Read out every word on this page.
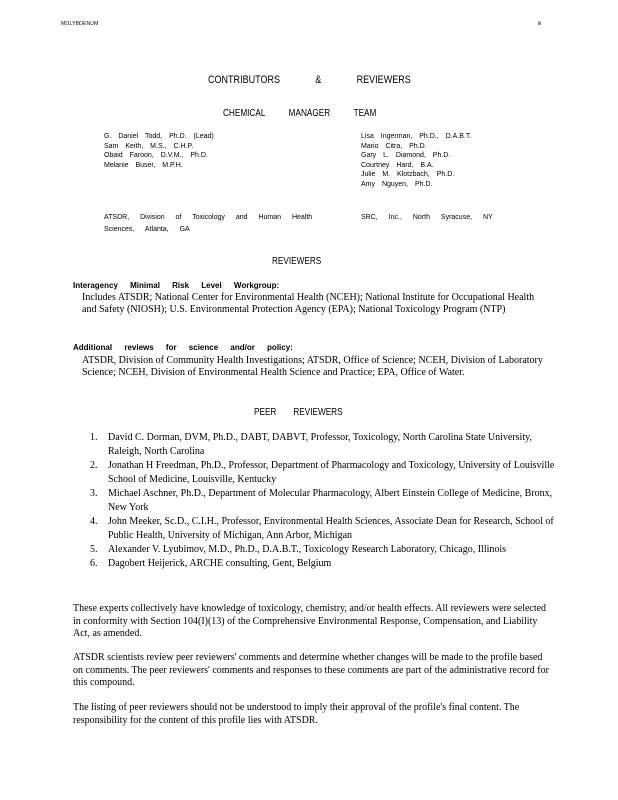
MOLYBDENUM	iii
CONTRIBUTORS & REVIEWERS
CHEMICAL MANAGER TEAM
G. Daniel Todd, Ph.D. (Lead)
Sam Keith, M.S., C.H.P.
Obaid Faroon, D.V.M., Ph.D.
Melanie Buser, M.P.H.
Lisa Ingerman, Ph.D., D.A.B.T.
Mario Citra, Ph.D.
Gary L. Diamond, Ph.D.
Courtney Hard, B.A.
Julie M. Klotzbach, Ph.D.
Amy Nguyen, Ph.D.
ATSDR, Division of Toxicology and Human Health Sciences, Atlanta, GA
SRC, Inc., North Syracuse, NY
REVIEWERS
Interagency Minimal Risk Level Workgroup:
Includes ATSDR; National Center for Environmental Health (NCEH); National Institute for Occupational Health and Safety (NIOSH); U.S. Environmental Protection Agency (EPA); National Toxicology Program (NTP)
Additional reviews for science and/or policy:
ATSDR, Division of Community Health Investigations; ATSDR, Office of Science; NCEH, Division of Laboratory Science; NCEH, Division of Environmental Health Science and Practice; EPA, Office of Water.
PEER REVIEWERS
1. David C. Dorman, DVM, Ph.D., DABT, DABVT, Professor, Toxicology, North Carolina State University, Raleigh, North Carolina
2. Jonathan H Freedman, Ph.D., Professor, Department of Pharmacology and Toxicology, University of Louisville School of Medicine, Louisville, Kentucky
3. Michael Aschner, Ph.D., Department of Molecular Pharmacology, Albert Einstein College of Medicine, Bronx, New York
4. John Meeker, Sc.D., C.I.H., Professor, Environmental Health Sciences, Associate Dean for Research, School of Public Health, University of Michigan, Ann Arbor, Michigan
5. Alexander V. Lyubimov, M.D., Ph.D., D.A.B.T., Toxicology Research Laboratory, Chicago, Illinois
6. Dagobert Heijerick, ARCHE consulting, Gent, Belgium

These experts collectively have knowledge of toxicology, chemistry, and/or health effects. All reviewers were selected in conformity with Section 104(I)(13) of the Comprehensive Environmental Response, Compensation, and Liability Act, as amended.

ATSDR scientists review peer reviewers' comments and determine whether changes will be made to the profile based on comments. The peer reviewers' comments and responses to these comments are part of the administrative record for this compound.

The listing of peer reviewers should not be understood to imply their approval of the profile's final content. The responsibility for the content of this profile lies with ATSDR.
